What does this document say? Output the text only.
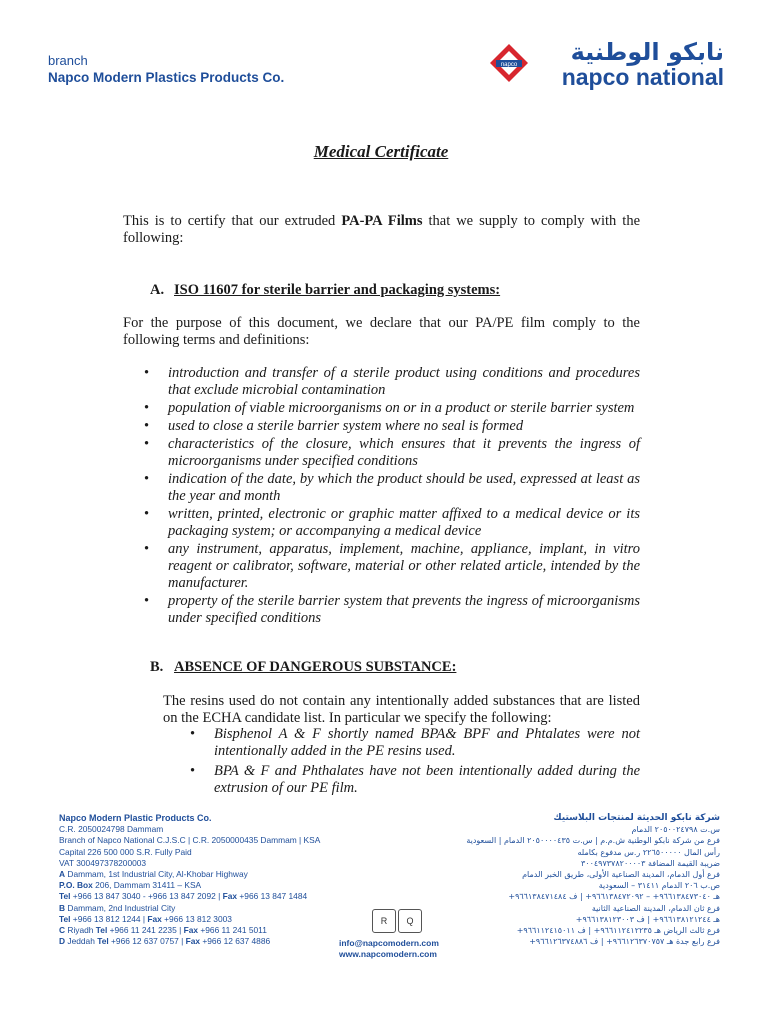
branch
Napco Modern Plastics Products Co.
napco	نابكو الوطنية
napco national
Medical Certificate
This is to certify that our extruded PA-PA Films that we supply to comply with the following:
A. ISO 11607 for sterile barrier and packaging systems:
For the purpose of this document, we declare that our PA/PE film comply to the following terms and definitions:
• introduction and transfer of a sterile product using conditions and procedures that exclude microbial contamination
• population of viable microorganisms on or in a product or sterile barrier system
• used to close a sterile barrier system where no seal is formed
• characteristics of the closure, which ensures that it prevents the ingress of microorganisms under specified conditions
• indication of the date, by which the product should be used, expressed at least as the year and month
• written, printed, electronic or graphic matter affixed to a medical device or its packaging system; or accompanying a medical device
• any instrument, apparatus, implement, machine, appliance, implant, in vitro reagent or calibrator, software, material or other related article, intended by the manufacturer.
• property of the sterile barrier system that prevents the ingress of microorganisms under specified conditions
B. ABSENCE OF DANGEROUS SUBSTANCE:
The resins used do not contain any intentionally added substances that are listed on the ECHA candidate list. In particular we specify the following:
• Bisphenol A & F shortly named BPA& BPF and Phtalates were not intentionally added in the PE resins used.
• BPA & F and Phthalates have not been intentionally added during the extrusion of our PE film.
Napco Modern Plastic Products Co.
C.R. 2050024798 Dammam
Branch of Napco National C.J.S.C | C.R. 2050000435 Dammam | KSA
Capital 226 500 000 S.R. Fully Paid
VAT 300497378200003
A Dammam, 1st Industrial City, Al-Khobar Highway
P.O. Box 206, Dammam 31411 – KSA
Tel +966 13 847 3040 - +966 13 847 2092 | Fax +966 13 847 1484
B Dammam, 2nd Industrial City
Tel +966 13 812 1244 | Fax +966 13 812 3003
C Riyadh Tel +966 11 241 2235 | Fax +966 11 241 5011
D Jeddah Tel +966 12 637 0757 | Fax +966 12 637 4886
R	Q
info@napcomodern.com
www.napcomodern.com
شركة نابكو الحديثة لمنتجات البلاستيك
س.ت ٢٠٥٠٠٢٤٧٩٨ الدمام
فرع من شركة نابكو الوطنية ش.م.م | س.ت ٢٠٥٠٠٠٠٤٣٥ الدمام | السعودية
رأس المال ٢٢٦٥٠٠٠٠٠ ر.س مدفوع بكامله
ضريبة القيمة المضافة ٣٠٠٤٩٧٣٧٨٢٠٠٠٠٣
فرع أول الدمام، المدينة الصناعية الأولى، طريق الخبر الدمام
ص.ب ٢٠٦ الدمام ٣١٤١١ – السعودية
هـ ٩٦٦١٣٨٤٧٣٠٤٠+ – ٩٦٦١٣٨٤٧٢٠٩٢+ | ف ٩٦٦١٣٨٤٧١٤٨٤+
فرع ثان الدمام، المدينة الصناعية الثانية
هـ ٩٦٦١٣٨١٢١٢٤٤+ | ف ٩٦٦١٣٨١٢٣٠٠٣+
فرع ثالث الرياض هـ ٩٦٦١١٢٤١٢٢٣٥+ | ف ٩٦٦١١٢٤١٥٠١١+
فرع رابع جدة هـ ٩٦٦١٢٦٣٧٠٧٥٧+ | ف ٩٦٦١٢٦٣٧٤٨٨٦+
